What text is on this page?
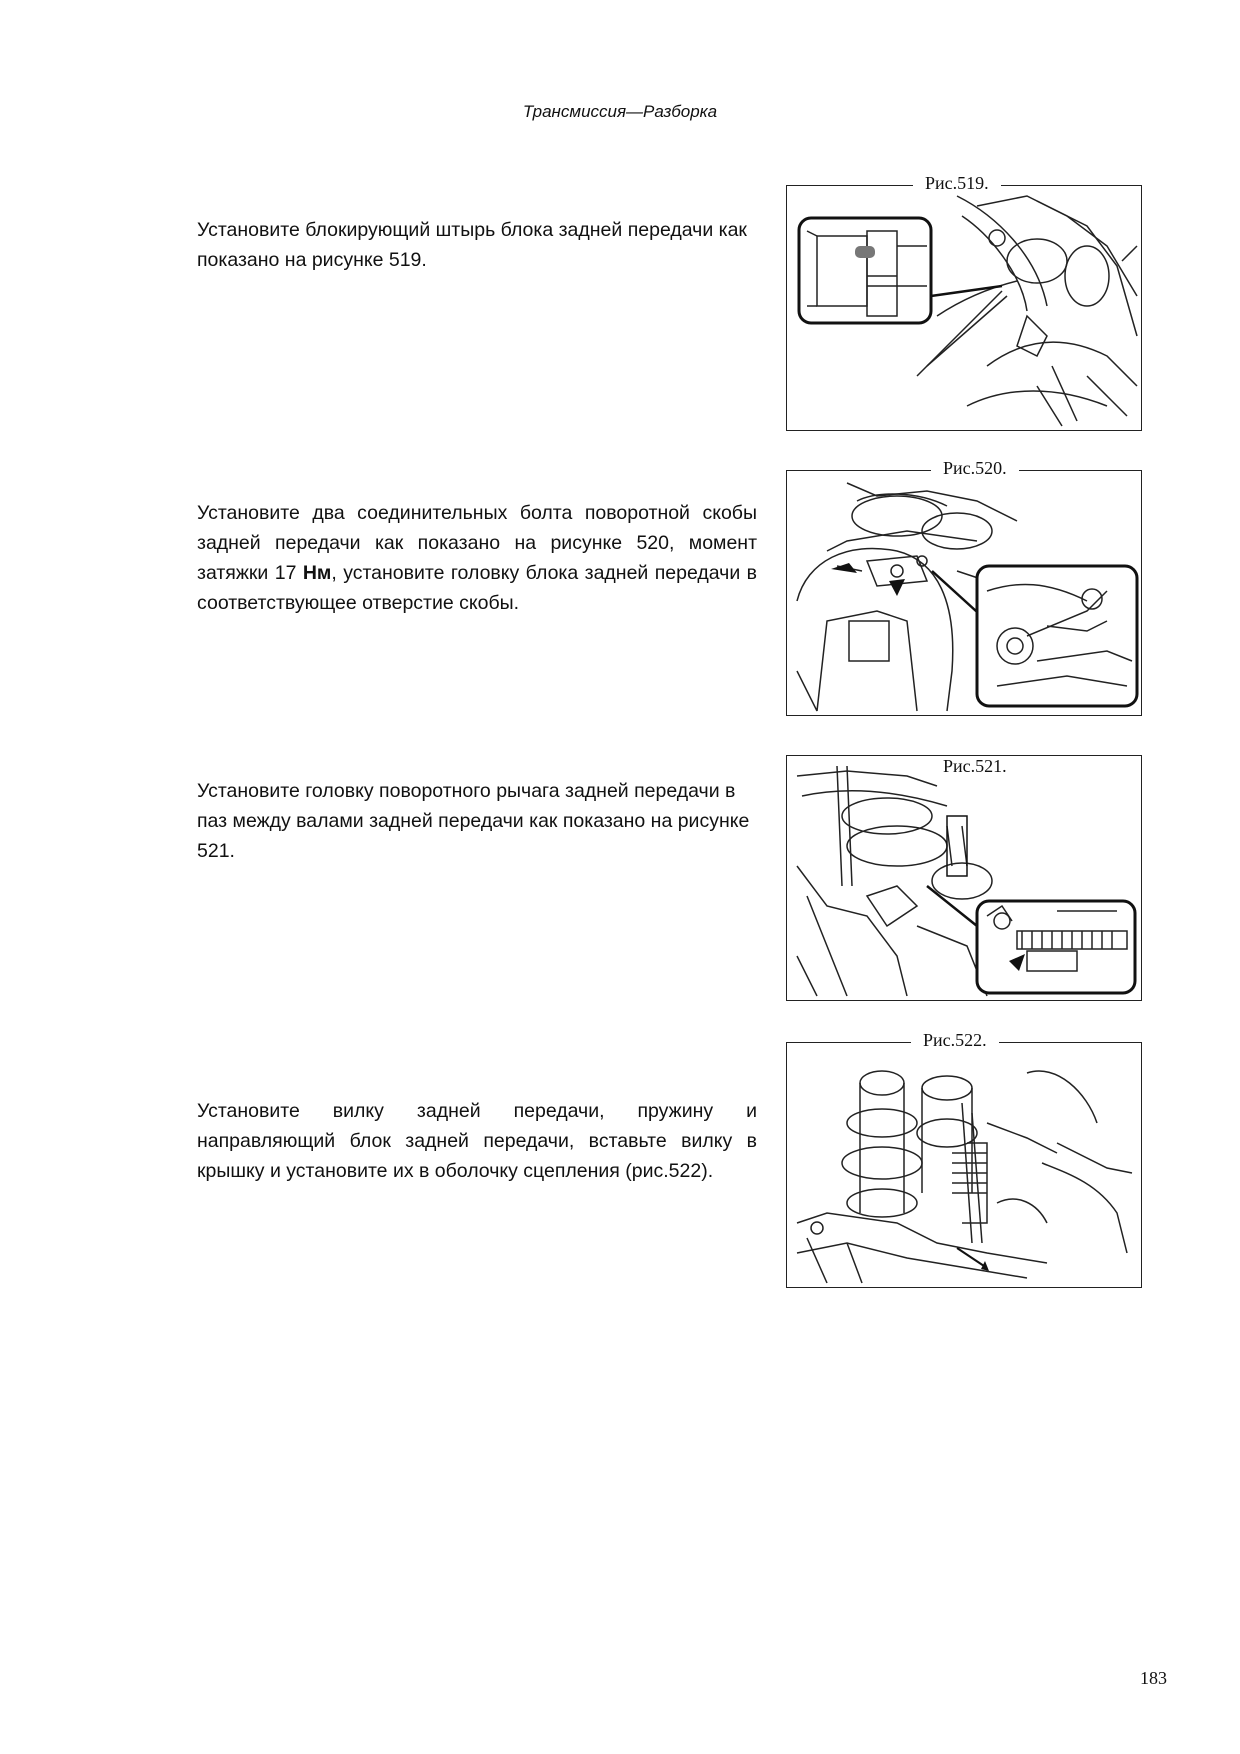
Трансмиссия—Разборка
Установите блокирующий штырь блока задней передачи как показано на рисунке 519.
Рис.519.
Установите два соединительных болта поворотной скобы задней передачи как показано на рисунке 520, момент затяжки 17 Нм, установите головку блока задней передачи в соответствующее отверстие скобы.
Рис.520.
Установите головку поворотного рычага задней передачи в паз между валами задней передачи как показано на рисунке 521.
Рис.521.
Установите вилку задней передачи, пружину и направляющий блок задней передачи, вставьте вилку в крышку и установите их в оболочку сцепления (рис.522).
Рис.522.
183
